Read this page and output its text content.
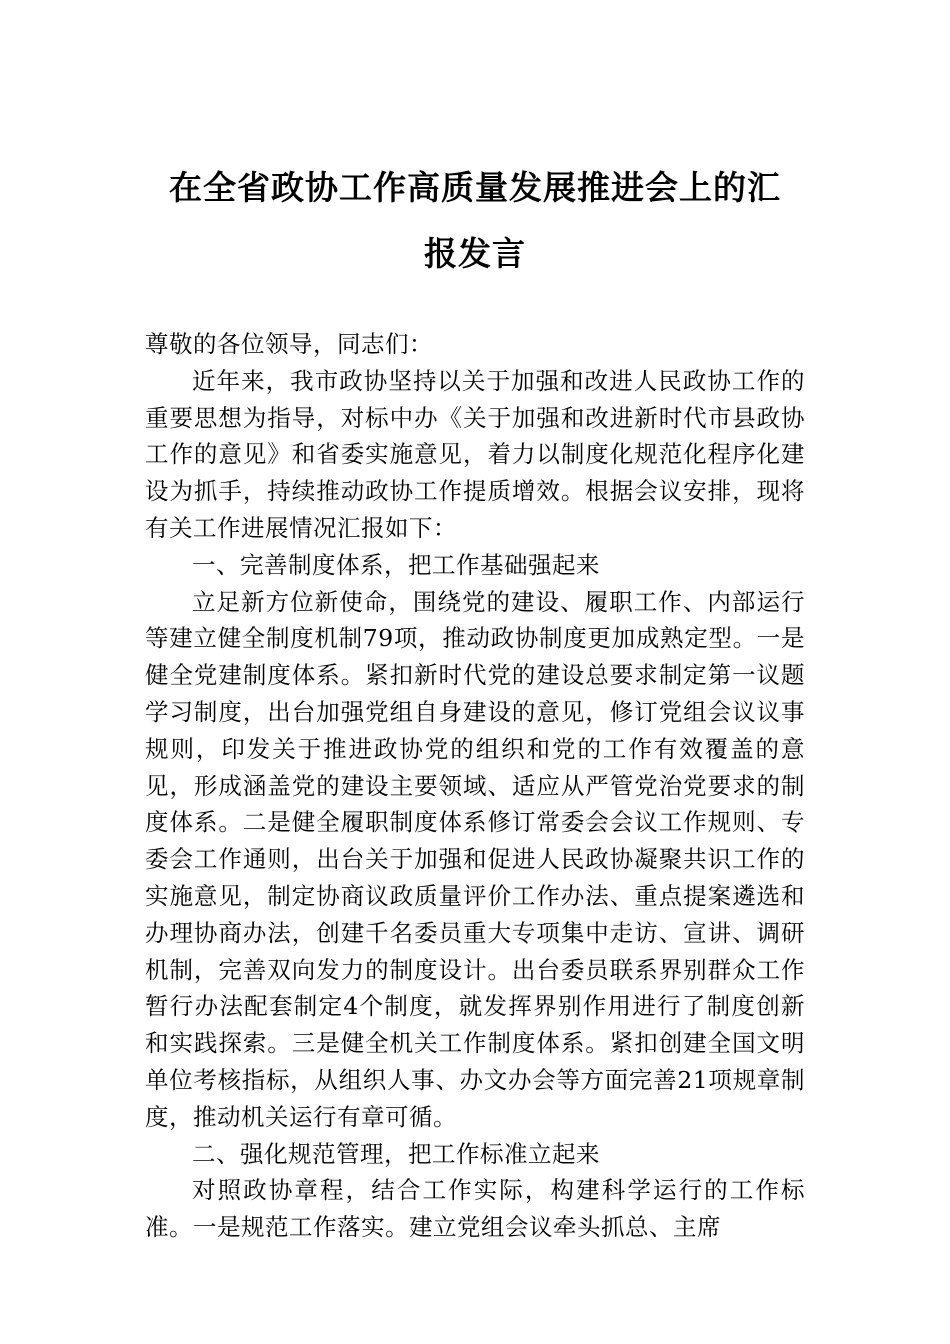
在全省政协工作高质量发展推进会上的汇
报发言

尊敬的各位领导，同志们：

近年来，我市政协坚持以关于加强和改进人民政协工作的重要思想为指导，对标中办《关于加强和改进新时代市县政协工作的意见》和省委实施意见，着力以制度化规范化程序化建设为抓手，持续推动政协工作提质增效。根据会议安排，现将有关工作进展情况汇报如下：

一、完善制度体系，把工作基础强起来

立足新方位新使命，围绕党的建设、履职工作、内部运行等建立健全制度机制79项，推动政协制度更加成熟定型。一是健全党建制度体系。紧扣新时代党的建设总要求制定第一议题学习制度，出台加强党组自身建设的意见，修订党组会议议事规则，印发关于推进政协党的组织和党的工作有效覆盖的意见，形成涵盖党的建设主要领域、适应从严管党治党要求的制度体系。二是健全履职制度体系修订常委会会议工作规则、专委会工作通则，出台关于加强和促进人民政协凝聚共识工作的实施意见，制定协商议政质量评价工作办法、重点提案遴选和办理协商办法，创建千名委员重大专项集中走访、宣讲、调研机制，完善双向发力的制度设计。出台委员联系界别群众工作暂行办法配套制定4个制度，就发挥界别作用进行了制度创新和实践探索。三是健全机关工作制度体系。紧扣创建全国文明单位考核指标，从组织人事、办文办会等方面完善21项规章制度，推动机关运行有章可循。

二、强化规范管理，把工作标准立起来

对照政协章程，结合工作实际，构建科学运行的工作标准。一是规范工作落实。建立党组会议牵头抓总、主席
